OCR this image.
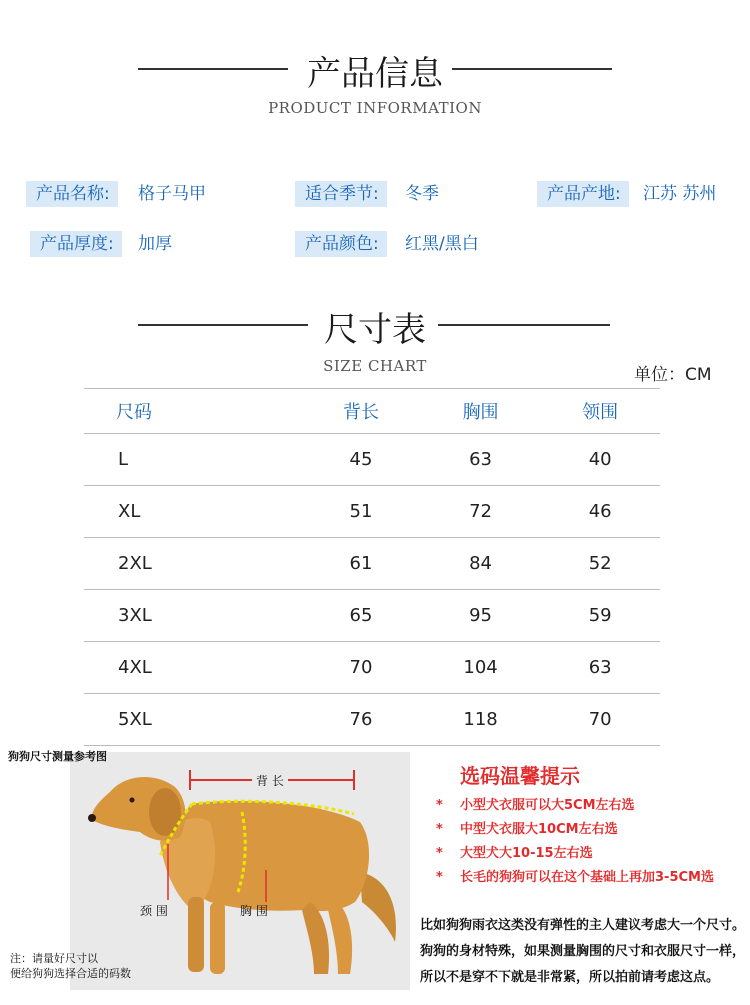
产品信息
PRODUCT INFORMATION
产品名称:	格子马甲	适合季节:	冬季	产品产地:	江苏 苏州
产品厚度:	加厚	产品颜色:	红黑/黑白
尺寸表
SIZE CHART	单位：CM
尺码	背长	胸围	领围
L	45	63	40
XL	51	72	46
2XL	61	84	52
3XL	65	95	59
4XL	70	104	63
5XL	76	118	70
狗狗尺寸测量参考图
背 长
颈 围	胸 围
注：请量好尺寸以
便给狗狗选择合适的码数
选码温馨提示
* 小型犬衣服可以大5CM左右选
* 中型犬衣服大10CM左右选
* 大型犬大10-15左右选
* 长毛的狗狗可以在这个基础上再加3-5CM选
比如狗狗雨衣这类没有弹性的主人建议考虑大一个尺寸。
狗狗的身材特殊，如果测量胸围的尺寸和衣服尺寸一样，
所以不是穿不下就是非常紧，所以拍前请考虑这点。
